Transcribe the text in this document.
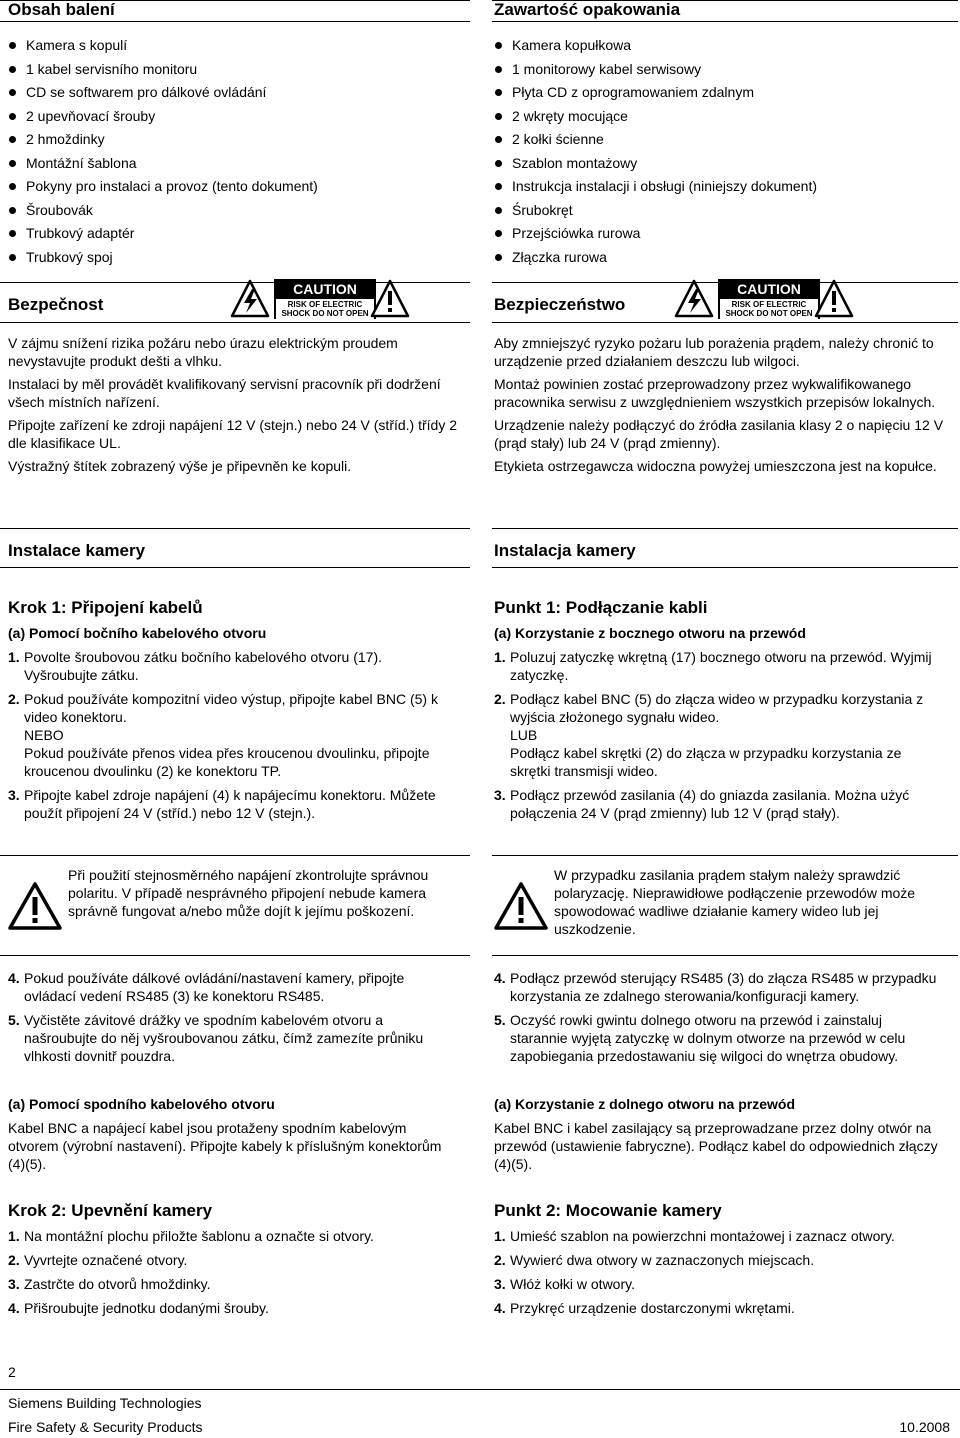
Obsah balení
Kamera s kopulí
1 kabel servisního monitoru
CD se softwarem pro dálkové ovládání
2 upevňovací šrouby
2 hmoždinky
Montážní šablona
Pokyny pro instalaci a provoz (tento dokument)
Šroubovák
Trubkový adaptér
Trubkový spoj
Bezpečnost

V zájmu snížení rizika požáru nebo úrazu elektrickým proudem nevystavujte produkt dešti a vlhku.

Instalaci by měl provádět kvalifikovaný servisní pracovník při dodržení všech místních nařízení.

Připojte zařízení ke zdroji napájení 12 V (stejn.) nebo 24 V (stříd.) třídy 2 dle klasifikace UL.

Výstražný štítek zobrazený výše je připevněn ke kopuli.

Instalace kamery
Krok 1: Připojení kabelů
(a) Pomocí bočního kabelového otvoru
1. Povolte šroubovou zátku bočního kabelového otvoru (17). Vyšroubujte zátku.
2. Pokud používáte kompozitní video výstup, připojte kabel BNC (5) k video konektoru.
NEBO
Pokud používáte přenos videa přes kroucenou dvoulinku, připojte kroucenou dvoulinku (2) ke konektoru TP.
3. Připojte kabel zdroje napájení (4) k napájecímu konektoru. Můžete použít připojení 24 V (stříd.) nebo 12 V (stejn.).
Při použití stejnosměrného napájení zkontrolujte správnou polaritu. V případě nesprávného připojení nebude kamera správně fungovat a/nebo může dojít k jejímu poškození.
4. Pokud používáte dálkové ovládání/nastavení kamery, připojte ovládací vedení RS485 (3) ke konektoru RS485.
5. Vyčistěte závitové drážky ve spodním kabelovém otvoru a našroubujte do něj vyšroubovanou zátku, čímž zamezíte průniku vlhkosti dovnitř pouzdra.
(a) Pomocí spodního kabelového otvoru
Kabel BNC a napájecí kabel jsou protaženy spodním kabelovým otvorem (výrobní nastavení). Připojte kabely k příslušným konektorům (4)(5).
Krok 2: Upevnění kamery
1. Na montážní plochu přiložte šablonu a označte si otvory.
2. Vyvrtejte označené otvory.
3. Zastrčte do otvorů hmoždinky.
4. Přišroubujte jednotku dodanými šrouby.
Zawartość opakowania
Kamera kopułkowa
1 monitorowy kabel serwisowy
Płyta CD z oprogramowaniem zdalnym
2 wkręty mocujące
2 kołki ścienne
Szablon montażowy
Instrukcja instalacji i obsługi (niniejszy dokument)
Śrubokręt
Przejściówka rurowa
Złączka rurowa
Bezpieczeństwo

Aby zmniejszyć ryzyko pożaru lub porażenia prądem, należy chronić to urządzenie przed działaniem deszczu lub wilgoci.

Montaż powinien zostać przeprowadzony przez wykwalifikowanego pracownika serwisu z uwzględnieniem wszystkich przepisów lokalnych.

Urządzenie należy podłączyć do źródła zasilania klasy 2 o napięciu 12 V (prąd stały) lub 24 V (prąd zmienny).

Etykieta ostrzegawcza widoczna powyżej umieszczona jest na kopułce.

Instalacja kamery
Punkt 1: Podłączanie kabli
(a) Korzystanie z bocznego otworu na przewód
1. Poluzuj zatyczkę wkrętną (17) bocznego otworu na przewód. Wyjmij zatyczkę.
2. Podłącz kabel BNC (5) do złącza wideo w przypadku korzystania z wyjścia złożonego sygnału wideo.
LUB
Podłącz kabel skrętki (2) do złącza w przypadku korzystania ze skrętki transmisji wideo.
3. Podłącz przewód zasilania (4) do gniazda zasilania. Można użyć połączenia 24 V (prąd zmienny) lub 12 V (prąd stały).
W przypadku zasilania prądem stałym należy sprawdzić polaryzację. Nieprawidłowe podłączenie przewodów może spowodować wadliwe działanie kamery wideo lub jej uszkodzenie.
4. Podłącz przewód sterujący RS485 (3) do złącza RS485 w przypadku korzystania ze zdalnego sterowania/konfiguracji kamery.
5. Oczyść rowki gwintu dolnego otworu na przewód i zainstaluj starannie wyjętą zatyczkę w dolnym otworze na przewód w celu zapobiegania przedostawaniu się wilgoci do wnętrza obudowy.
(a) Korzystanie z dolnego otworu na przewód
Kabel BNC i kabel zasilający są przeprowadzane przez dolny otwór na przewód (ustawienie fabryczne). Podłącz kabel do odpowiednich złączy (4)(5).
Punkt 2: Mocowanie kamery
1. Umieść szablon na powierzchni montażowej i zaznacz otwory.
2. Wywierć dwa otwory w zaznaczonych miejscach.
3. Włóż kołki w otwory.
4. Przykręć urządzenie dostarczonymi wkrętami.
CAUTION
RISK OF ELECTRIC
SHOCK DO NOT OPEN
CAUTION
RISK OF ELECTRIC
SHOCK DO NOT OPEN
2
Siemens Building Technologies
Fire Safety & Security Products	10.2008
